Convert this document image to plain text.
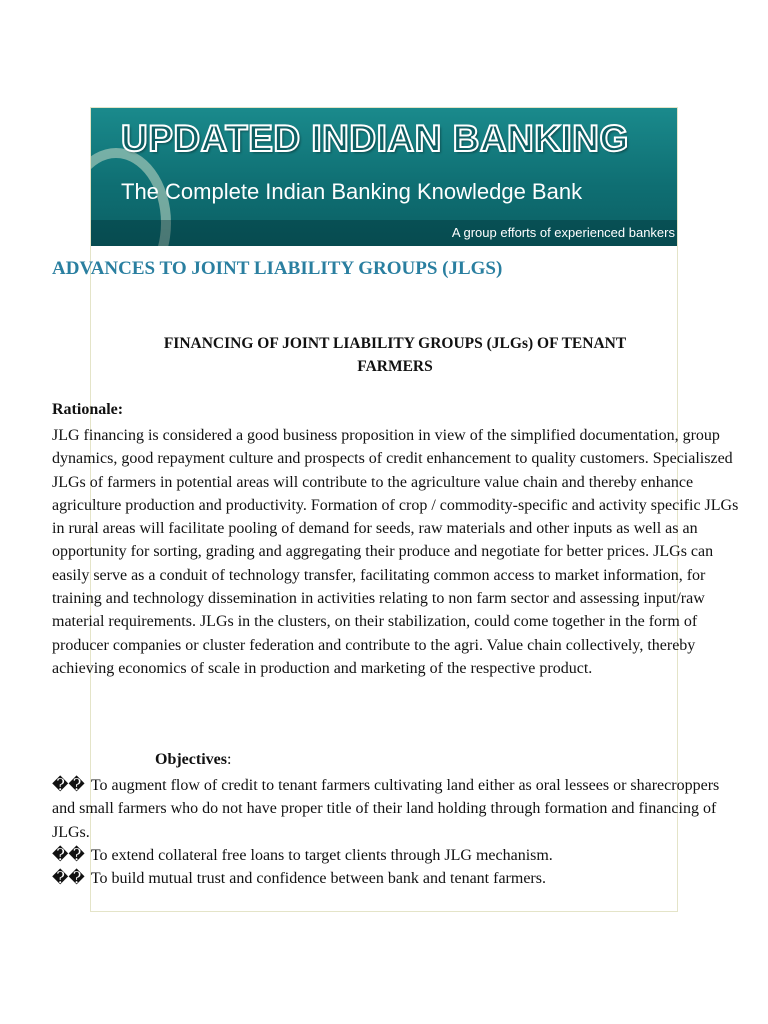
UPDATED INDIAN BANKING
The Complete Indian Banking Knowledge Bank
A group efforts of experienced bankers
ADVANCES TO JOINT LIABILITY GROUPS (JLGS)
FINANCING OF JOINT LIABILITY GROUPS (JLGs) OF TENANT
FARMERS
Rationale:
JLG financing is considered a good business proposition in view of the simplified documentation, group dynamics, good repayment culture and prospects of credit enhancement to quality customers. Specialiszed JLGs of farmers in potential areas will contribute to the agriculture value chain and thereby enhance agriculture production and productivity. Formation of crop / commodity-specific and activity specific JLGs in rural areas will facilitate pooling of demand for seeds, raw materials and other inputs as well as an opportunity for sorting, grading and aggregating their produce and negotiate for better prices. JLGs can easily serve as a conduit of technology transfer, facilitating common access to market information, for training and technology dissemination in activities relating to non farm sector and assessing input/raw material requirements. JLGs in the clusters, on their stabilization, could come together in the form of producer companies or cluster federation and contribute to the agri. Value chain collectively, thereby achieving economics of scale in production and marketing of the respective product.
Objectives:
�� To augment flow of credit to tenant farmers cultivating land either as oral lessees or sharecroppers and small farmers who do not have proper title of their land holding through formation and financing of JLGs.
�� To extend collateral free loans to target clients through JLG mechanism.
�� To build mutual trust and confidence between bank and tenant farmers.
